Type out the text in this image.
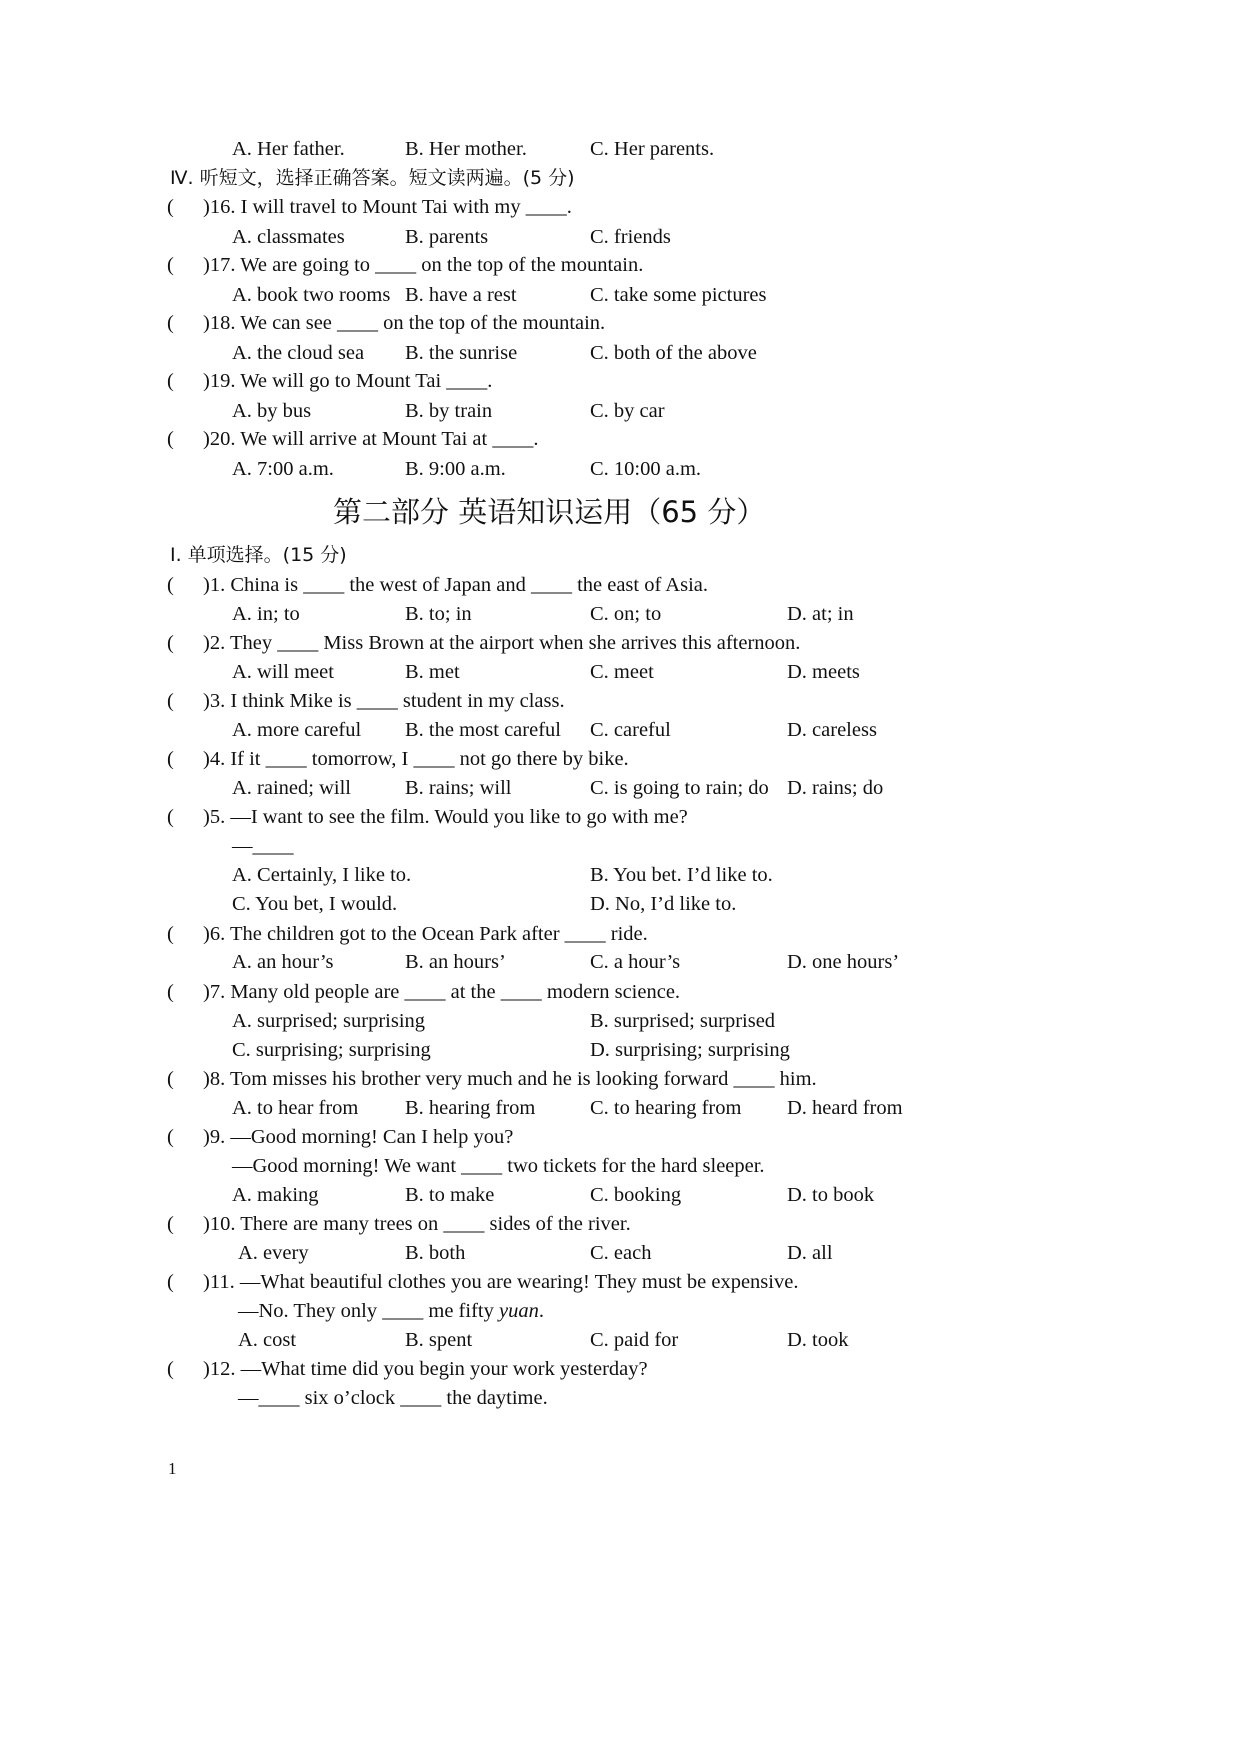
A. Her father.	B. Her mother.	C. Her parents.
Ⅳ. 听短文，选择正确答案。短文读两遍。(5 分)
( )16. I will travel to Mount Tai with my ____.
A. classmates	B. parents	C. friends
( )17. We are going to ____ on the top of the mountain.
A. book two rooms B. have a rest	C. take some pictures
( )18. We can see ____ on the top of the mountain.
A. the cloud sea B. the sunrise	C. both of the above
( )19. We will go to Mount Tai ____.
A. by bus	B. by train	C. by car
( )20. We will arrive at Mount Tai at ____.
A. 7:00 a.m.	B. 9:00 a.m.	C. 10:00 a.m.
第二部分 英语知识运用（65 分）
Ⅰ. 单项选择。(15 分)
( )1. China is ____ the west of Japan and ____ the east of Asia.
A. in; to	B. to; in	C. on; to	D. at; in
( )2. They ____ Miss Brown at the airport when she arrives this afternoon.
A. will meet	B. met	C. meet	D. meets
( )3. I think Mike is ____ student in my class.
A. more careful B. the most careful C. careful	D. careless
( )4. If it ____ tomorrow, I ____ not go there by bike.
A. rained; will	B. rains; will	C. is going to rain; do D. rains; do
( )5. —I want to see the film. Would you like to go with me?
—____
A. Certainly, I like to.	B. You bet. I’d like to.
C. You bet, I would.	D. No, I’d like to.
( )6. The children got to the Ocean Park after ____ ride.
A. an hour’s	B. an hours’	C. a hour’s	D. one hours’
( )7. Many old people are ____ at the ____ modern science.
A. surprised; surprising	B. surprised; surprised
C. surprising; surprising	D. surprising; surprising
( )8. Tom misses his brother very much and he is looking forward ____ him.
A. to hear from B. hearing from	C. to hearing from D. heard from
( )9. —Good morning! Can I help you?
—Good morning! We want ____ two tickets for the hard sleeper.
A. making	B. to make	C. booking	D. to book
( )10. There are many trees on ____ sides of the river.
A. every	B. both	C. each	D. all
( )11. —What beautiful clothes you are wearing! They must be expensive.
—No. They only ____ me fifty yuan.
A. cost	B. spent	C. paid for	D. took
( )12. —What time did you begin your work yesterday?
—____ six o’clock ____ the daytime.
1
